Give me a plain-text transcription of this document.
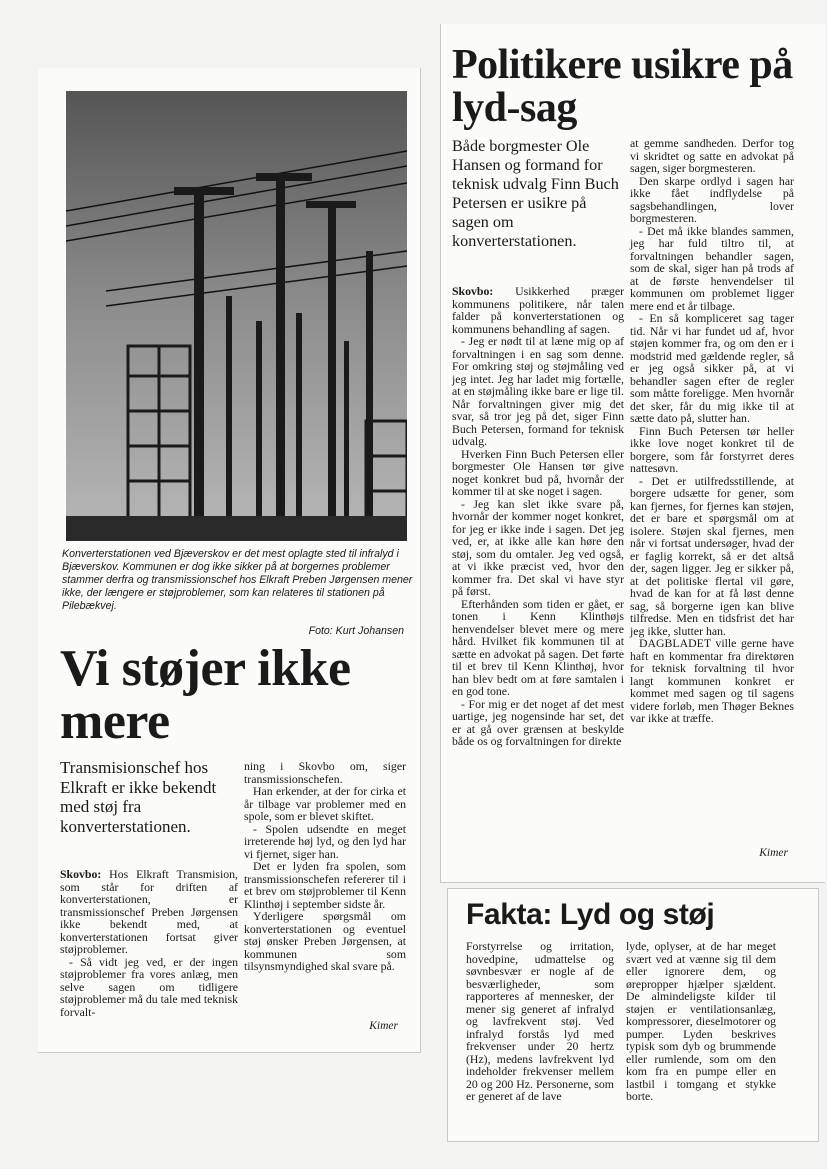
Konverterstationen ved Bjæverskov er det mest oplagte sted til infralyd i Bjæverskov. Kommunen er dog ikke sikker på at borgernes problemer stammer derfra og transmissionschef hos Elkraft Preben Jørgensen mener ikke, der længere er støjproblemer, som kan relateres til stationen på Pilebækvej.

Foto: Kurt Johansen

Vi støjer ikke mere

Transmisionschef hos Elkraft er ikke bekendt med støj fra konverterstationen.

Skovbo: Hos Elkraft Transmision, som står for driften af konverterstationen, er transmissionschef Preben Jørgensen ikke bekendt med, at konverterstationen fortsat giver støjproblemer.

- Så vidt jeg ved, er der ingen støjproblemer fra vores anlæg, men selve sagen om tidligere støjproblemer må du tale med teknisk forvalt-

ning i Skovbo om, siger transmissionschefen.

Han erkender, at der for cirka et år tilbage var problemer med en spole, som er blevet skiftet.

- Spolen udsendte en meget irreterende høj lyd, og den lyd har vi fjernet, siger han.

Det er lyden fra spolen, som transmissionschefen refererer til i et brev om støjproblemer til Kenn Klinthøj i september sidste år.

Yderligere spørgsmål om konverterstationen og eventuel støj ønsker Preben Jørgensen, at kommunen som tilsynsmyndighed skal svare på.

Kimer

Politikere usikre på lyd-sag

Både borgmester Ole Hansen og formand for teknisk udvalg Finn Buch Petersen er usikre på sagen om konverterstationen.

Skovbo: Usikkerhed præger kommunens politikere, når talen falder på konverterstationen og kommunens behandling af sagen.

- Jeg er nødt til at læne mig op af forvaltningen i en sag som denne. For omkring støj og støjmåling ved jeg intet. Jeg har ladet mig fortælle, at en støjmåling ikke bare er lige til. Når forvaltningen giver mig det svar, så tror jeg på det, siger Finn Buch Petersen, formand for teknisk udvalg.

Hverken Finn Buch Petersen eller borgmester Ole Hansen tør give noget konkret bud på, hvornår der kommer til at ske noget i sagen.

- Jeg kan slet ikke svare på, hvornår der kommer noget konkret, for jeg er ikke inde i sagen. Det jeg ved, er, at ikke alle kan høre den støj, som du omtaler. Jeg ved også, at vi ikke præcist ved, hvor den kommer fra. Det skal vi have styr på først.

Efterhånden som tiden er gået, er tonen i Kenn Klinthøjs henvendelser blevet mere og mere hård. Hvilket fik kommunen til at sætte en advokat på sagen. Det førte til et brev til Kenn Klinthøj, hvor han blev bedt om at føre samtalen i en god tone.

- For mig er det noget af det mest uartige, jeg nogensinde har set, det er at gå over grænsen at beskylde både os og forvaltningen for direkte

at gemme sandheden. Derfor tog vi skridtet og satte en advokat på sagen, siger borgmesteren.

Den skarpe ordlyd i sagen har ikke fået indflydelse på sagsbehandlingen, lover borgmesteren.

- Det må ikke blandes sammen, jeg har fuld tiltro til, at forvaltningen behandler sagen, som de skal, siger han på trods af at de første henvendelser til kommunen om problemet ligger mere end et år tilbage.

- En så kompliceret sag tager tid. Når vi har fundet ud af, hvor støjen kommer fra, og om den er i modstrid med gældende regler, så er jeg også sikker på, at vi behandler sagen efter de regler som måtte foreligge. Men hvornår det sker, får du mig ikke til at sætte dato på, slutter han.

Finn Buch Petersen tør heller ikke love noget konkret til de borgere, som får forstyrret deres nattesøvn.

- Det er utilfredsstillende, at borgere udsætte for gener, som kan fjernes, for fjernes kan støjen, det er bare et spørgsmål om at isolere. Støjen skal fjernes, men når vi fortsat undersøger, hvad der er faglig korrekt, så er det altså der, sagen ligger. Jeg er sikker på, at det politiske flertal vil gøre, hvad de kan for at få løst denne sag, så borgerne igen kan blive tilfredse. Men en tidsfrist det har jeg ikke, slutter han.

DAGBLADET ville gerne have haft en kommentar fra direktøren for teknisk forvaltning til hvor langt kommunen konkret er kommet med sagen og til sagens videre forløb, men Thøger Beknes var ikke at træffe.

Kimer

Fakta: Lyd og støj

Forstyrrelse og irritation, hovedpine, udmattelse og søvnbesvær er nogle af de besværligheder, som rapporteres af mennesker, der mener sig generet af infralyd og lavfrekvent støj. Ved infralyd forstås lyd med frekvenser under 20 hertz (Hz), medens lavfrekvent lyd indeholder frekvenser mellem 20 og 200 Hz. Personerne, som er generet af de lave

lyde, oplyser, at de har meget svært ved at vænne sig til dem eller ignorere dem, og ørepropper hjælper sjældent. De almindeligste kilder til støjen er ventilationsanlæg, kompressorer, dieselmotorer og pumper. Lyden beskrives typisk som dyb og brummende eller rumlende, som om den kom fra en pumpe eller en lastbil i tomgang et stykke borte.
